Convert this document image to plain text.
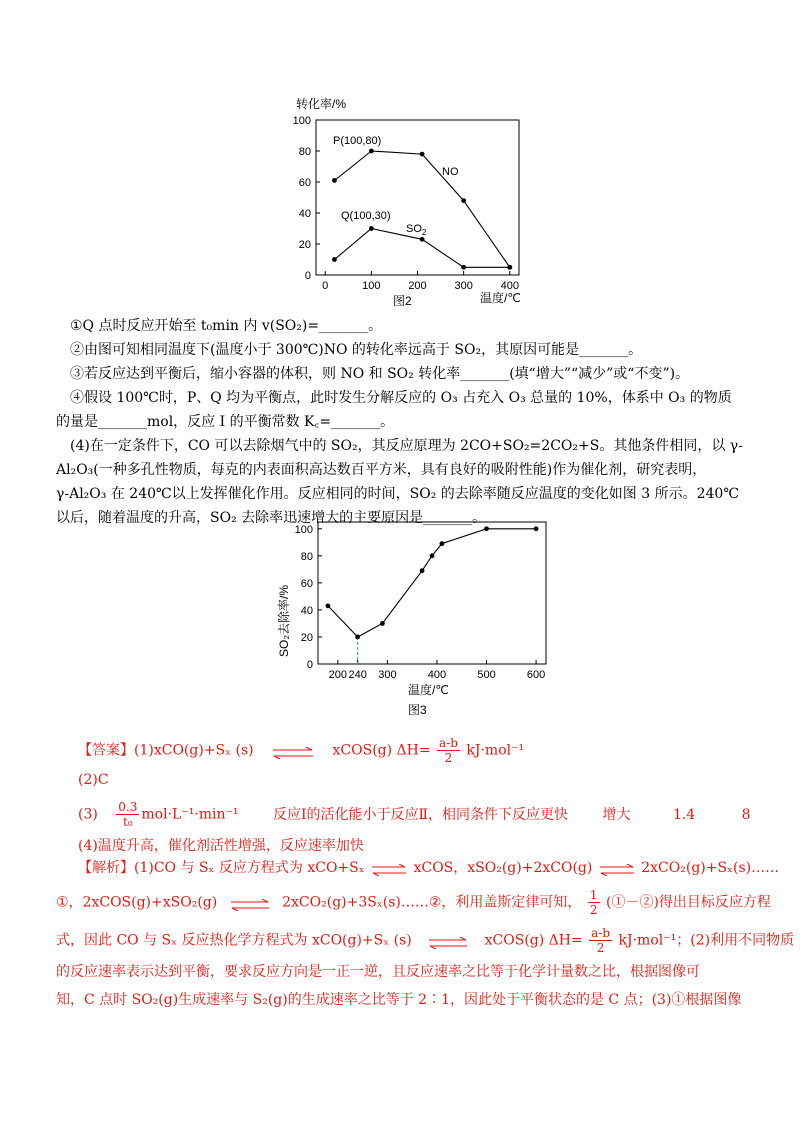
转化率/%
0
20
40
60
80
100
0	100	200	300	400
P(100,80)
Q(100,30)
NO
$SO_2$
温度/℃
图2
①Q 点时反应开始至 t₀min 内 v(SO₂)=_______。
②由图可知相同温度下(温度小于 300℃)NO 的转化率远高于 SO₂，其原因可能是_______。
③若反应达到平衡后，缩小容器的体积，则 NO 和 SO₂ 转化率_______(填“增大”“减少”或“不变”)。
④假设 100℃时，P、Q 均为平衡点，此时发生分解反应的 O₃ 占充入 O₃ 总量的 10%，体系中 O₃ 的物质
的量是_______mol，反应 I 的平衡常数 K꜀=_______。
(4)在一定条件下，CO 可以去除烟气中的 SO₂，其反应原理为 2CO+SO₂=2CO₂+S。其他条件相同，以 γ-
Al₂O₃(一种多孔性物质，每克的内表面积高达数百平方米，具有良好的吸附性能)作为催化剂，研究表明，
γ-Al₂O₃ 在 240℃以上发挥催化作用。反应相同的时间，SO₂ 的去除率随反应温度的变化如图 3 所示。240℃
以后，随着温度的升高，SO₂ 去除率迅速增大的主要原因是_______。
SO₂去除率/%
0
20
40
60
80
100
200 240 300	400	500	600
温度/℃
图3
【答案】(1)xCO(g)+Sₓ (s) ⇌ xCOS(g) $\Delta H= \frac{a-b}{2} kJ\cdot mol^{-1}$
(2)C
$(3) \frac{0.3}{\text{t₀}} mol\cdot L^{-1}\cdot\min^{-1}$ 反应Ⅰ的活化能小于反应Ⅱ，相同条件下反应更快 增大	1.4	8
(4)温度升高，催化剂活性增强，反应速率加快
【解析】(1)CO 与 Sₓ 反应方程式为 xCO+Sₓ ⇌ xCOS，xSO₂(g)+2xCO(g) ⇌ 2xCO₂(g)+Sₓ(s)……
①，2xCOS(g)+xSO₂(g) ⇌ 2xCO₂(g)+3Sₓ(s)……②，利用盖斯定律可知， $\frac{1}{2}$ (①－②)得出目标反应方程
式，因此 CO 与 Sₓ 反应热化学方程式为 xCO(g)+Sₓ (s) ⇌ xCOS(g) $\Delta H= \frac{a-b}{2} kJ\cdot mol^{-1}$；(2)利用不同物质
的反应速率表示达到平衡，要求反应方向是一正一逆，且反应速率之比等于化学计量数之比，根据图像可
知，C 点时 SO₂(g)生成速率与 S₂(g)的生成速率之比等于 2∶1，因此处于平衡状态的是 C 点；(3)①根据图像
